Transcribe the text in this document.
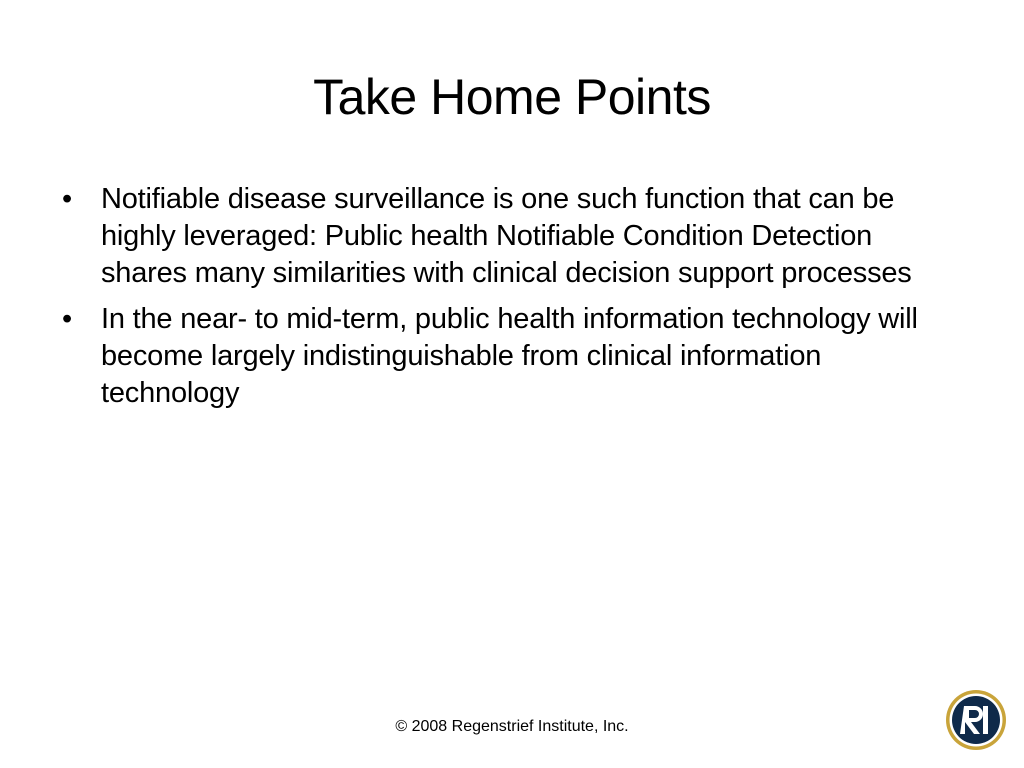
Take Home Points
• Notifiable disease surveillance is one such function that can be highly leveraged: Public health Notifiable Condition Detection shares many similarities with clinical decision support processes
• In the near- to mid-term, public health information technology will become largely indistinguishable from clinical information technology
© 2008 Regenstrief Institute, Inc.
